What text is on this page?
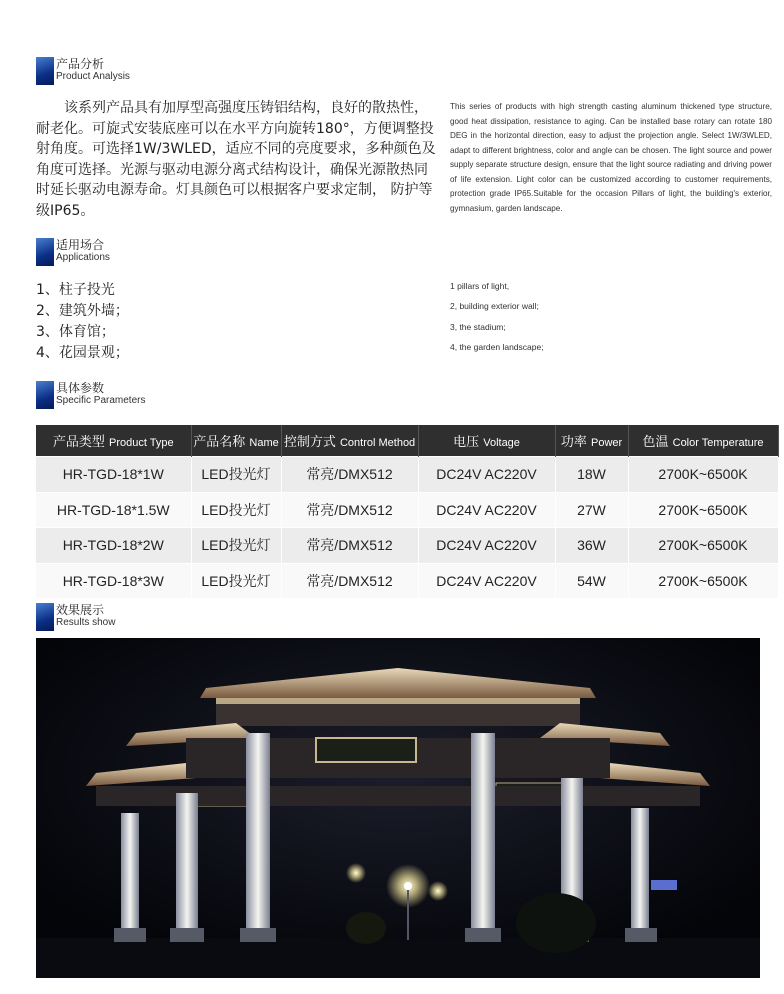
产品分析
Product Analysis
该系列产品具有加厚型高强度压铸铝结构，良好的散热性，耐老化。可旋式安装底座可以在水平方向旋转180°，方便调整投射角度。可选择1W/3WLED，适应不同的亮度要求，多种颜色及角度可选择。光源与驱动电源分离式结构设计，确保光源散热同时延长驱动电源寿命。灯具颜色可以根据客户要求定制， 防护等级IP65。
This series of products with high strength casting aluminum thickened type structure, good heat dissipation, resistance to aging. Can be installed base rotary can rotate 180 DEG in the horizontal direction, easy to adjust the projection angle. Select 1W/3WLED, adapt to different brightness, color and angle can be chosen. The light source and power supply separate structure design, ensure that the light source radiating and driving power of life extension. Light color can be customized according to customer requirements, protection grade IP65.Suitable for the occasion Pillars of light, the building's exterior, gymnasium, garden landscape.
适用场合
Applications
1、柱子投光
2、建筑外墙；
3、体育馆；
4、花园景观；
1 pillars of light,
2, building exterior wall;
3, the stadium;
4, the garden landscape;
具体参数
Specific Parameters
产品类型 Product Type	产品名称 Name	控制方式 Control Method	电压 Voltage	功率 Power	色温 Color Temperature
HR-TGD-18*1W	LED投光灯	常亮/DMX512	DC24V AC220V	18W	2700K~6500K
HR-TGD-18*1.5W	LED投光灯	常亮/DMX512	DC24V AC220V	27W	2700K~6500K
HR-TGD-18*2W	LED投光灯	常亮/DMX512	DC24V AC220V	36W	2700K~6500K
HR-TGD-18*3W	LED投光灯	常亮/DMX512	DC24V AC220V	54W	2700K~6500K
效果展示
Results show
